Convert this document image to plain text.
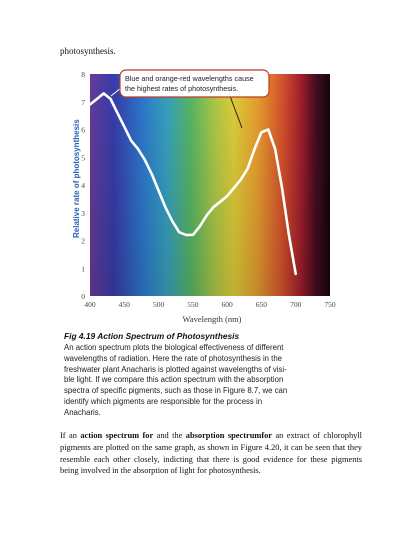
photosynthesis.
0
1
2
3
4
5
6
7
8
400	450	500	550	600	650	700	750
Relative rate of photosynthesis
Wavelength (nm)
Blue and orange-red wavelengths cause
the highest rates of photosynthesis.
Fig 4.19 Action Spectrum of Photosynthesis
An action spectrum plots the biological effectiveness of different
wavelengths of radiation. Here the rate of photosynthesis in the
freshwater plant Anacharis is plotted against wavelengths of visi-
ble light. If we compare this action spectrum with the absorption
spectra of specific pigments, such as those in Figure 8.7, we can
identify which pigments are responsible for the process in
Anacharis.
If an action spectrum for and the absorption spectrumfor an extract of chlorophyll pigments are plotted on the same graph, as shown in Figure 4.20, it can be seen that they resemble each other closely, indicting that there is good evidence for these pigments being involved in the absorption of light for photosynthesis.
